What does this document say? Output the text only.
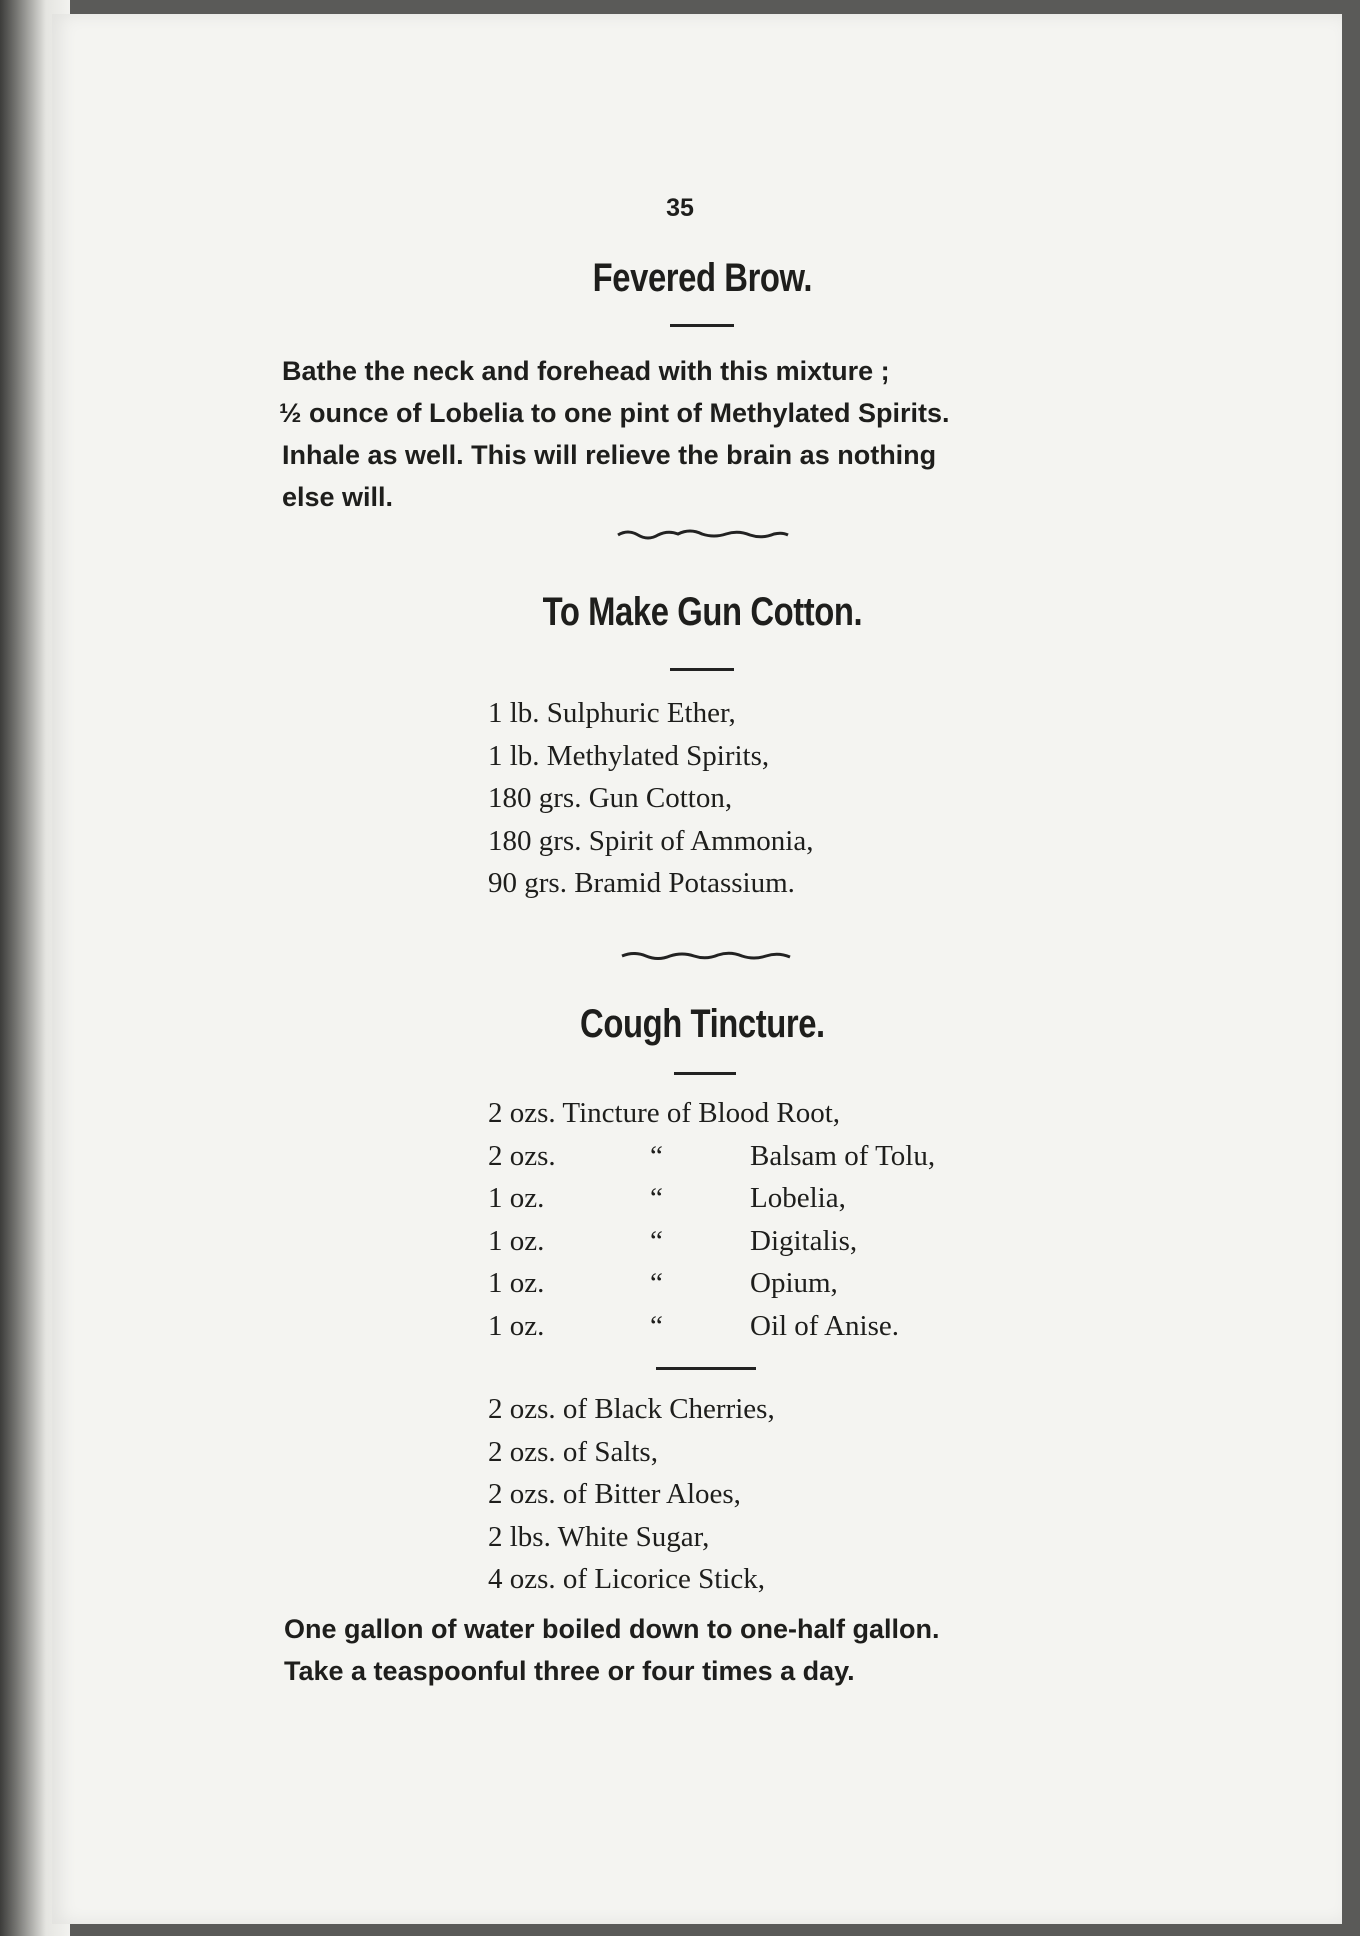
35
Fevered Brow.
Bathe the neck and forehead with this mixture ;
½ ounce of Lobelia to one pint of Methylated Spirits.
Inhale as well. This will relieve the brain as nothing
else will.
To Make Gun Cotton.
1 lb. Sulphuric Ether,
1 lb. Methylated Spirits,
180 grs. Gun Cotton,
180 grs. Spirit of Ammonia,
90 grs. Bramid Potassium.
Cough Tincture.
2 ozs. Tincture of Blood Root,
2 ozs.	“	Balsam of Tolu,
1 oz.	“	Lobelia,
1 oz.	“	Digitalis,
1 oz.	“	Opium,
1 oz.	“	Oil of Anise.
2 ozs. of Black Cherries,
2 ozs. of Salts,
2 ozs. of Bitter Aloes,
2 lbs. White Sugar,
4 ozs. of Licorice Stick,
One gallon of water boiled down to one-half gallon.
Take a teaspoonful three or four times a day.
